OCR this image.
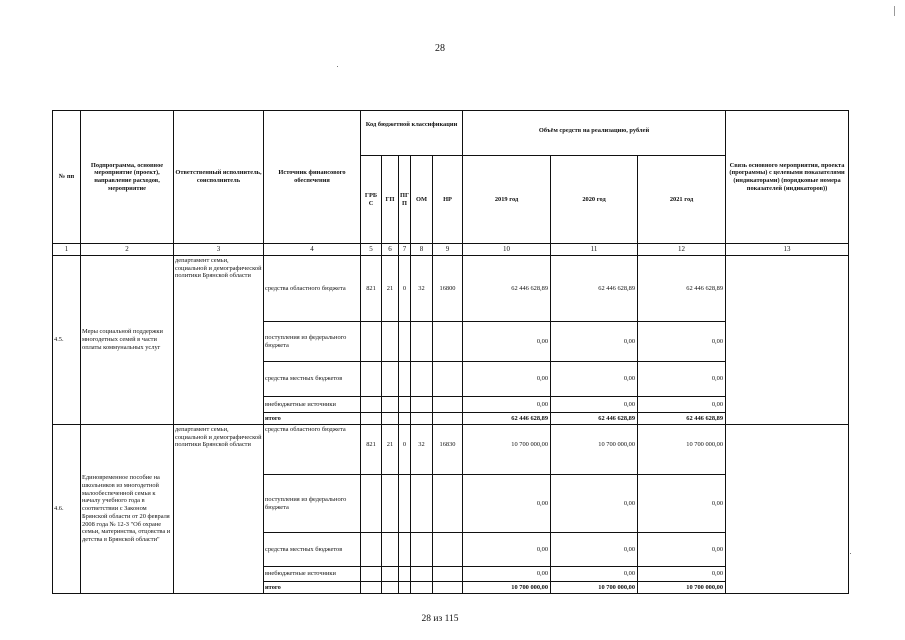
28
№ пп	Подпрограмма, основное мероприятие (проект), направление расходов, мероприятие	Ответственный исполнитель, соисполнитель	Источник финансового обеспечения	Код бюджетной классификации					Объём средств на реализацию, рублей			Связь основного мероприятия, проекта (программы) с целевыми показателями (индикаторами) (порядковые номера показателей (индикаторов))
				ГРБ С	ГП	ПГ П	ОМ	НР	2019 год	2020 год	2021 год	
1	2	3	4	5	6	7	8	9	10	11	12	13
4.5.	Меры социальной поддержки многодетных семей в части оплаты коммунальных услуг	департамент семьи, социальной и демографической политики Брянской области	средства областного бюджета	821	21	0	32	16800	62 446 628,89	62 446 628,89	62 446 628,89	
			поступления из федерального бюджета						0,00	0,00	0,00	
			средства местных бюджетов						0,00	0,00	0,00	
			внебюджетные источники						0,00	0,00	0,00	
			итого						62 446 628,89	62 446 628,89	62 446 628,89	
4.6.	Единовременное пособие на школьников из многодетной малообеспеченной семьи к началу учебного года в соответствии с Законом Брянской области от 20 февраля 2008 года № 12-З "Об охране семьи, материнства, отцовства и детства в Брянской области"	департамент семьи, социальной и демографической политики Брянской области	средства областного бюджета	821	21	0	32	16830	10 700 000,00	10 700 000,00	10 700 000,00	
			поступления из федерального бюджета						0,00	0,00	0,00	
			средства местных бюджетов						0,00	0,00	0,00	
			внебюджетные источники						0,00	0,00	0,00	
			итого						10 700 000,00	10 700 000,00	10 700 000,00	
28 из 115
